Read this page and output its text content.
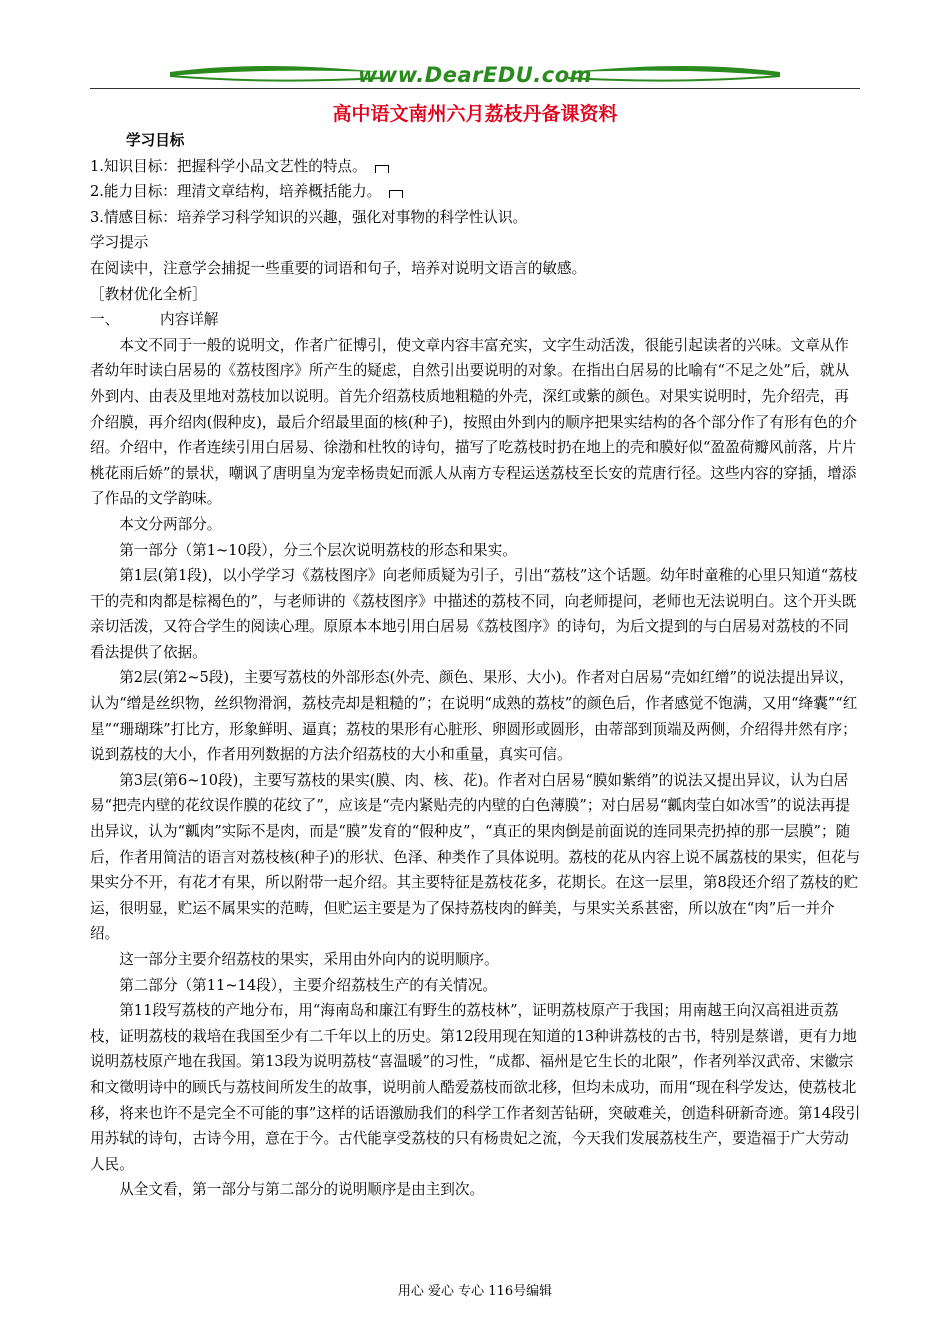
www.DearEDU.com
高中语文南州六月荔枝丹备课资料

学习目标

1.知识目标：把握科学小品文艺性的特点。

2.能力目标：理清文章结构，培养概括能力。

3.情感目标：培养学习科学知识的兴趣，强化对事物的科学性认识。

学习提示

在阅读中，注意学会捕捉一些重要的词语和句子，培养对说明文语言的敏感。

［教材优化全析］

一、	内容详解

本文不同于一般的说明文，作者广征博引，使文章内容丰富充实，文字生动活泼，很能引起读者的兴味。文章从作者幼年时读白居易的《荔枝图序》所产生的疑虑，自然引出要说明的对象。在指出白居易的比喻有“不足之处”后，就从外到内、由表及里地对荔枝加以说明。首先介绍荔枝质地粗糙的外壳，深红或紫的颜色。对果实说明时，先介绍壳，再介绍膜，再介绍肉(假种皮)，最后介绍最里面的核(种子)，按照由外到内的顺序把果实结构的各个部分作了有形有色的介绍。介绍中，作者连续引用白居易、徐渤和杜牧的诗句，描写了吃荔枝时扔在地上的壳和膜好似“盈盈荷瓣风前落，片片桃花雨后娇”的景状，嘲讽了唐明皇为宠幸杨贵妃而派人从南方专程运送荔枝至长安的荒唐行径。这些内容的穿插，增添了作品的文学韵味。

本文分两部分。

第一部分（第1~10段），分三个层次说明荔枝的形态和果实。

第1层(第1段)，以小学学习《荔枝图序》向老师质疑为引子，引出“荔枝”这个话题。幼年时童稚的心里只知道“荔枝干的壳和肉都是棕褐色的”，与老师讲的《荔枝图序》中描述的荔枝不同，向老师提问，老师也无法说明白。这个开头既亲切活泼，又符合学生的阅读心理。原原本本地引用白居易《荔枝图序》的诗句，为后文提到的与白居易对荔枝的不同看法提供了依据。

第2层(第2~5段)，主要写荔枝的外部形态(外壳、颜色、果形、大小)。作者对白居易“壳如红缯”的说法提出异议，认为“缯是丝织物，丝织物滑润，荔枝壳却是粗糙的”；在说明“成熟的荔枝”的颜色后，作者感觉不饱满，又用“绛囊”“红星”“珊瑚珠”打比方，形象鲜明、逼真；荔枝的果形有心脏形、卵圆形或圆形，由蒂部到顶端及两侧，介绍得井然有序；说到荔枝的大小，作者用列数据的方法介绍荔枝的大小和重量，真实可信。

第3层(第6~10段)，主要写荔枝的果实(膜、肉、核、花)。作者对白居易“膜如紫绡”的说法又提出异议，认为白居易“把壳内壁的花纹误作膜的花纹了”，应该是“壳内紧贴壳的内壁的白色薄膜”；对白居易“瓤肉莹白如冰雪”的说法再提出异议，认为“瓤肉”实际不是肉，而是“膜”发育的“假种皮”，“真正的果肉倒是前面说的连同果壳扔掉的那一层膜”；随后，作者用简洁的语言对荔枝核(种子)的形状、色泽、种类作了具体说明。荔枝的花从内容上说不属荔枝的果实，但花与果实分不开，有花才有果，所以附带一起介绍。其主要特征是荔枝花多，花期长。在这一层里，第8段还介绍了荔枝的贮运，很明显，贮运不属果实的范畴，但贮运主要是为了保持荔枝肉的鲜美，与果实关系甚密，所以放在“肉”后一并介绍。

这一部分主要介绍荔枝的果实，采用由外向内的说明顺序。

第二部分（第11~14段），主要介绍荔枝生产的有关情况。

第11段写荔枝的产地分布，用“海南岛和廉江有野生的荔枝林”，证明荔枝原产于我国；用南越王向汉高祖进贡荔枝，证明荔枝的栽培在我国至少有二千年以上的历史。第12段用现在知道的13种讲荔枝的古书，特别是蔡谱，更有力地说明荔枝原产地在我国。第13段为说明荔枝“喜温暖”的习性，“成都、福州是它生长的北限”，作者列举汉武帝、宋徽宗和文徵明诗中的顾氏与荔枝间所发生的故事，说明前人酷爱荔枝而欲北移，但均未成功，而用“现在科学发达，使荔枝北移，将来也许不是完全不可能的事”这样的话语激励我们的科学工作者刻苦钻研，突破难关，创造科研新奇迹。第14段引用苏轼的诗句，古诗今用，意在于今。古代能享受荔枝的只有杨贵妃之流，今天我们发展荔枝生产，要造福于广大劳动人民。

从全文看，第一部分与第二部分的说明顺序是由主到次。

用心 爱心 专心 116号编辑
